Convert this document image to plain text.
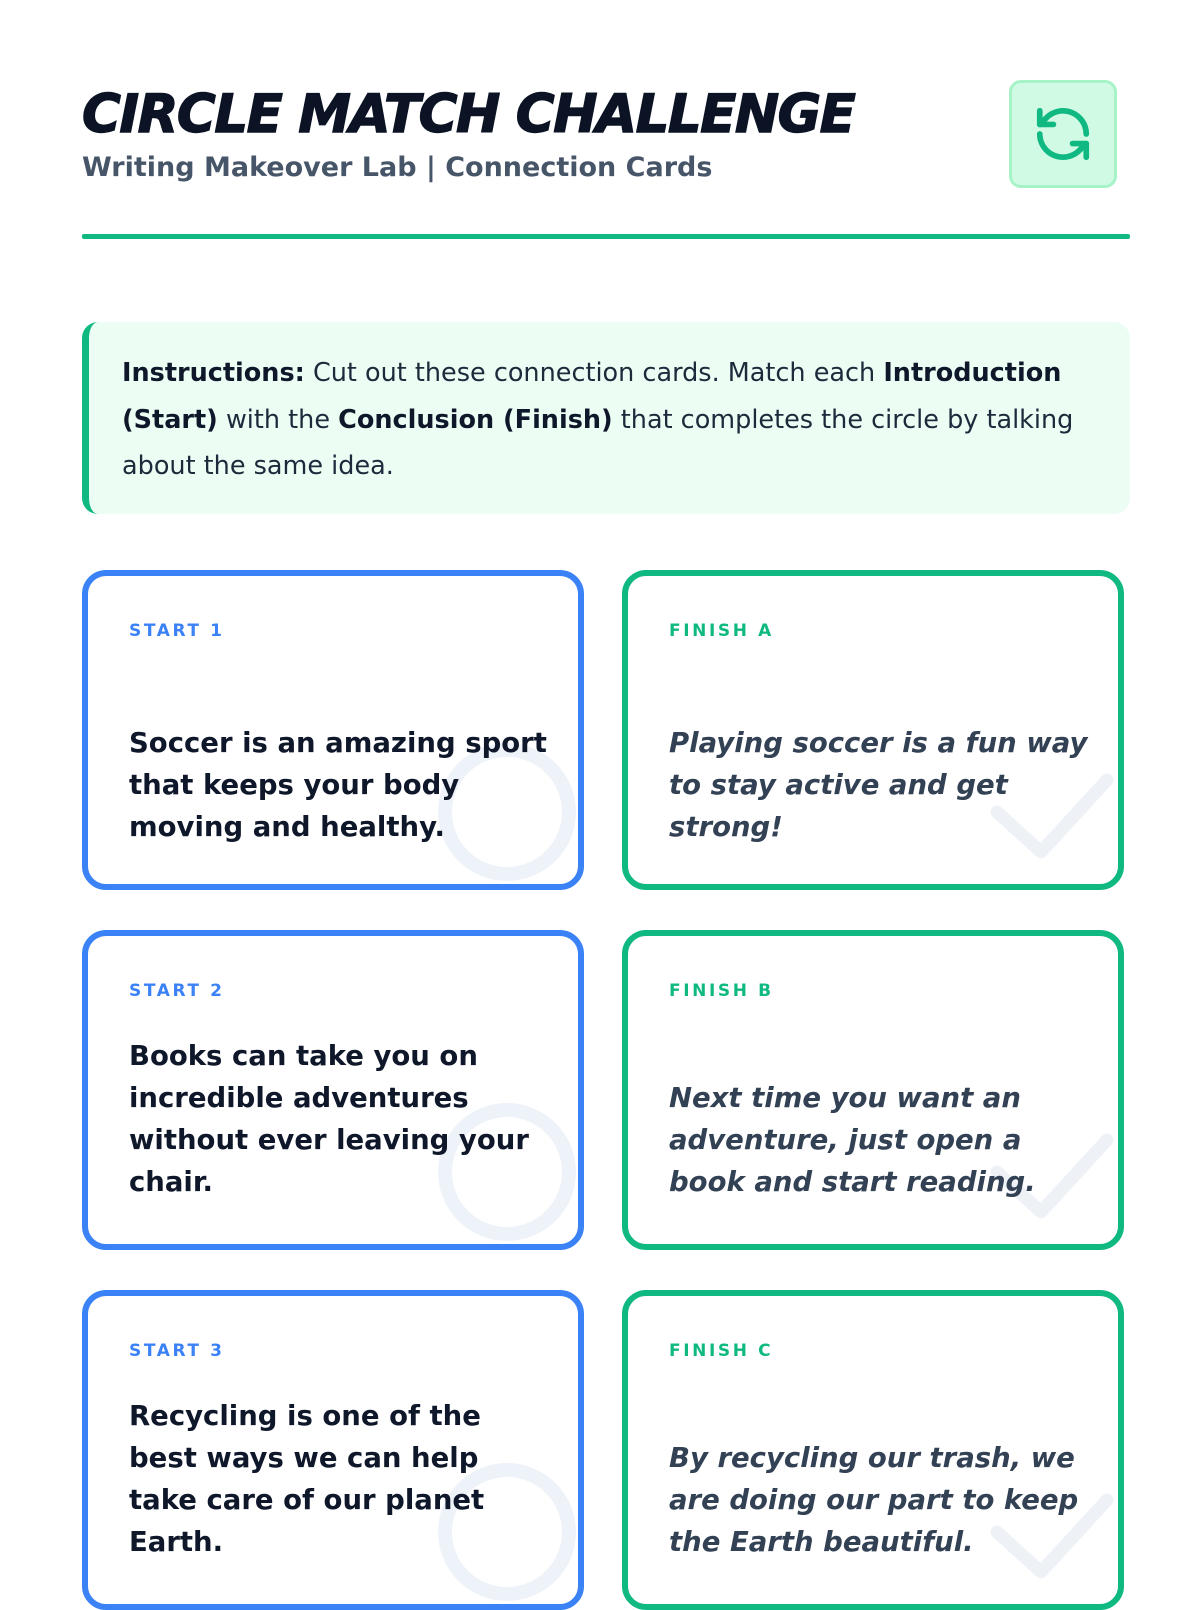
CIRCLE MATCH CHALLENGE

Writing Makeover Lab | Connection Cards

Instructions: Cut out these connection cards. Match each Introduction (Start) with the Conclusion (Finish) that completes the circle by talking about the same idea.
START 1

Soccer is an amazing sport that keeps your body moving and healthy.

FINISH A

Playing soccer is a fun way to stay active and get strong!

START 2

Books can take you on incredible adventures without ever leaving your chair.

FINISH B

Next time you want an adventure, just open a book and start reading.

START 3

Recycling is one of the best ways we can help take care of our planet Earth.

FINISH C

By recycling our trash, we are doing our part to keep the Earth beautiful.
